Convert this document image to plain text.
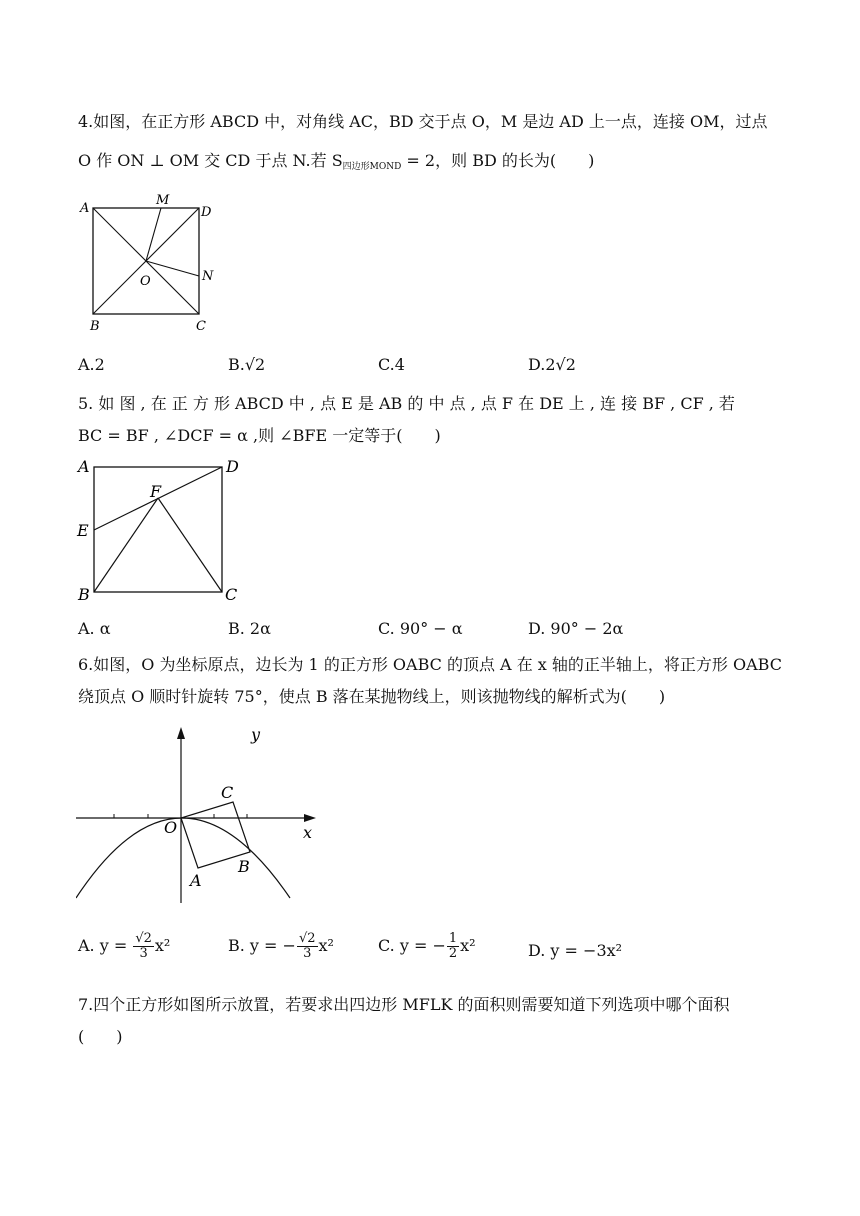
4.如图，在正方形 ABCD 中，对角线 AC，BD 交于点 O，M 是边 AD 上一点，连接 OM，过点
O 作 ON ⊥ OM 交 CD 于点 N.若 $S_{四边形MOND} = 2$，则 BD 的长为(　　)
A
M
D
O	N
B	C
A.2	B.√2	C.4	D.2√2
5. 如 图 , 在 正 方 形 ABCD 中 , 点 E 是 AB 的 中 点 , 点 F 在 DE 上 , 连 接 BF , CF , 若
BC = BF , ∠DCF = α ,则 ∠BFE 一定等于(　　)
A	D
F
E
B	C
A. α	B. 2α	C. 90° − α	D. 90° − 2α
6.如图，O 为坐标原点，边长为 1 的正方形 OABC 的顶点 A 在 x 轴的正半轴上，将正方形 OABC
绕顶点 O 顺时针旋转 75°，使点 B 落在某抛物线上，则该抛物线的解析式为(　　)
y
x
O
C
A
B
A. $y = \frac{√2}{3} x^2$	B. y = − $\frac{√2}{3} x^2$	C. y = − $\frac{1}{2} x^2$	D. y = −3x²
7.四个正方形如图所示放置，若要求出四边形 MFLK 的面积则需要知道下列选项中哪个面积
(　　)
